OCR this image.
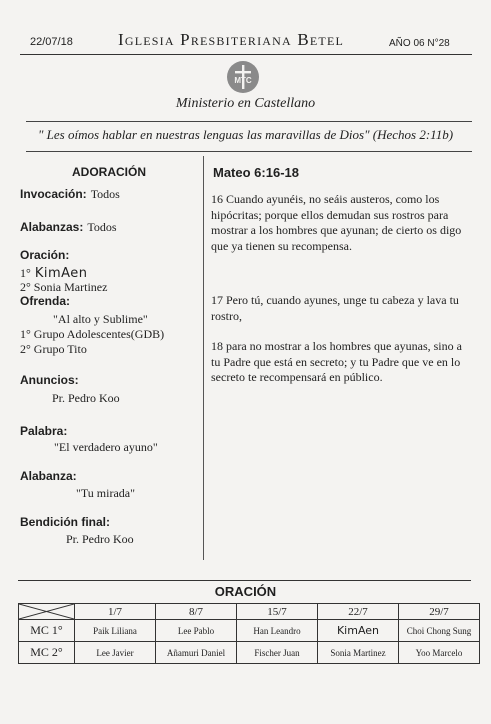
22/07/18	Iglesia Presbiteriana Betel	AÑO 06 N°28
MTC
Ministerio en Castellano
" Les oímos hablar en nuestras lenguas las maravillas de Dios" (Hechos 2:11b)
ADORACIÓN
Invocación: Todos
Alabanzas: Todos
Oración:
1° KimAen
2° Sonia Martinez
Ofrenda:
"Al alto y Sublime"
1° Grupo Adolescentes(GDB)
2° Grupo Tito
Anuncios:
Pr. Pedro Koo
Palabra:
"El verdadero ayuno"
Alabanza:
"Tu mirada"
Bendición final:
Pr. Pedro Koo
Mateo 6:16-18
16 Cuando ayunéis, no seáis austeros, como los hipócritas; porque ellos demudan sus rostros para mostrar a los hombres que ayunan; de cierto os digo que ya tienen su recompensa.
17 Pero tú, cuando ayunes, unge tu cabeza y lava tu rostro,
18 para no mostrar a los hombres que ayunas, sino a tu Padre que está en secreto; y tu Padre que ve en lo secreto te recompensará en público.
ORACIÓN
	1/7	8/7	15/7	22/7	29/7
MC 1°	Paik Liliana	Lee Pablo	Han Leandro	KimAen	Choi Chong Sung
MC 2°	Lee Javier	Añamuri Daniel	Fischer Juan	Sonia Martinez	Yoo Marcelo
